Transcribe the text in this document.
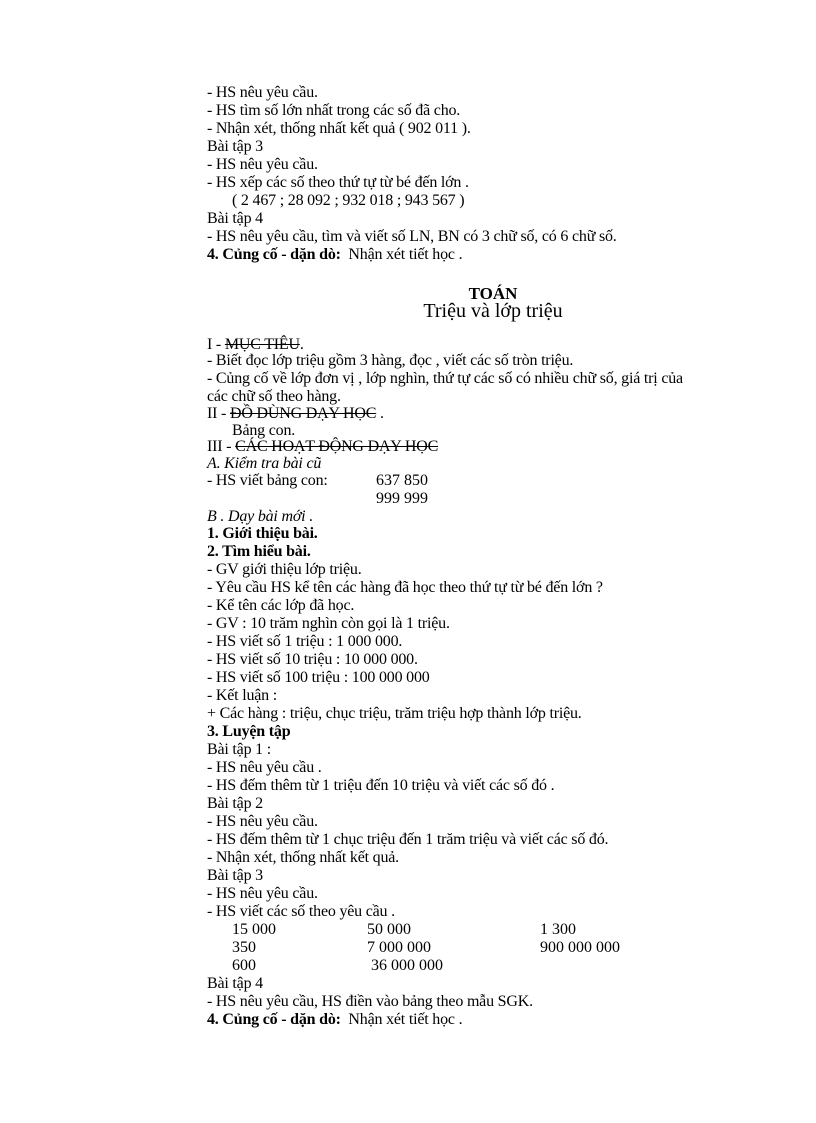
- HS nêu yêu cầu.
- HS tìm số lớn nhất trong các số đã cho.
- Nhận xét, thống nhất kết quả ( 902 011 ).
Bài tập 3
- HS nêu yêu cầu.
- HS xếp các số theo thứ tự từ bé đến lớn .
( 2 467 ; 28 092 ; 932 018 ; 943 567 )
Bài tập 4
- HS nêu yêu cầu, tìm và viết số LN, BN có 3 chữ số, có 6 chữ số.
4. Củng cố - dặn dò: Nhận xét tiết học .
TOÁN
Triệu và lớp triệu
I - MỤC TIÊU.
- Biết đọc lớp triệu gồm 3 hàng, đọc , viết các số tròn triệu.
- Củng cố về lớp đơn vị , lớp nghìn, thứ tự các số có nhiều chữ số, giá trị của
các chữ số theo hàng.
II - ĐỒ DÙNG DẠY HỌC .
Bảng con.
III - CÁC HOẠT ĐỘNG DẠY HỌC
A. Kiểm tra bài cũ
- HS viết bảng con:	637 850
999 999
B . Dạy bài mới .
1. Giới thiệu bài.
2. Tìm hiểu bài.
- GV giới thiệu lớp triệu.
- Yêu cầu HS kể tên các hàng đã học theo thứ tự từ bé đến lớn ?
- Kể tên các lớp đã học.
- GV : 10 trăm nghìn còn gọi là 1 triệu.
- HS viết số 1 triệu : 1 000 000.
- HS viết số 10 triệu : 10 000 000.
- HS viết số 100 triệu : 100 000 000
- Kết luận :
+ Các hàng : triệu, chục triệu, trăm triệu hợp thành lớp triệu.
3. Luyện tập
Bài tập 1 :
- HS nêu yêu cầu .
- HS đếm thêm từ 1 triệu đến 10 triệu và viết các số đó .
Bài tập 2
- HS nêu yêu cầu.
- HS đếm thêm từ 1 chục triệu đến 1 trăm triệu và viết các số đó.
- Nhận xét, thống nhất kết quả.
Bài tập 3
- HS nêu yêu cầu.
- HS viết các số theo yêu cầu .
15 000	50 000	1 300
350	7 000 000	900 000 000
600	36 000 000
Bài tập 4
- HS nêu yêu cầu, HS điền vào bảng theo mẫu SGK.
4. Củng cố - dặn dò: Nhận xét tiết học .
